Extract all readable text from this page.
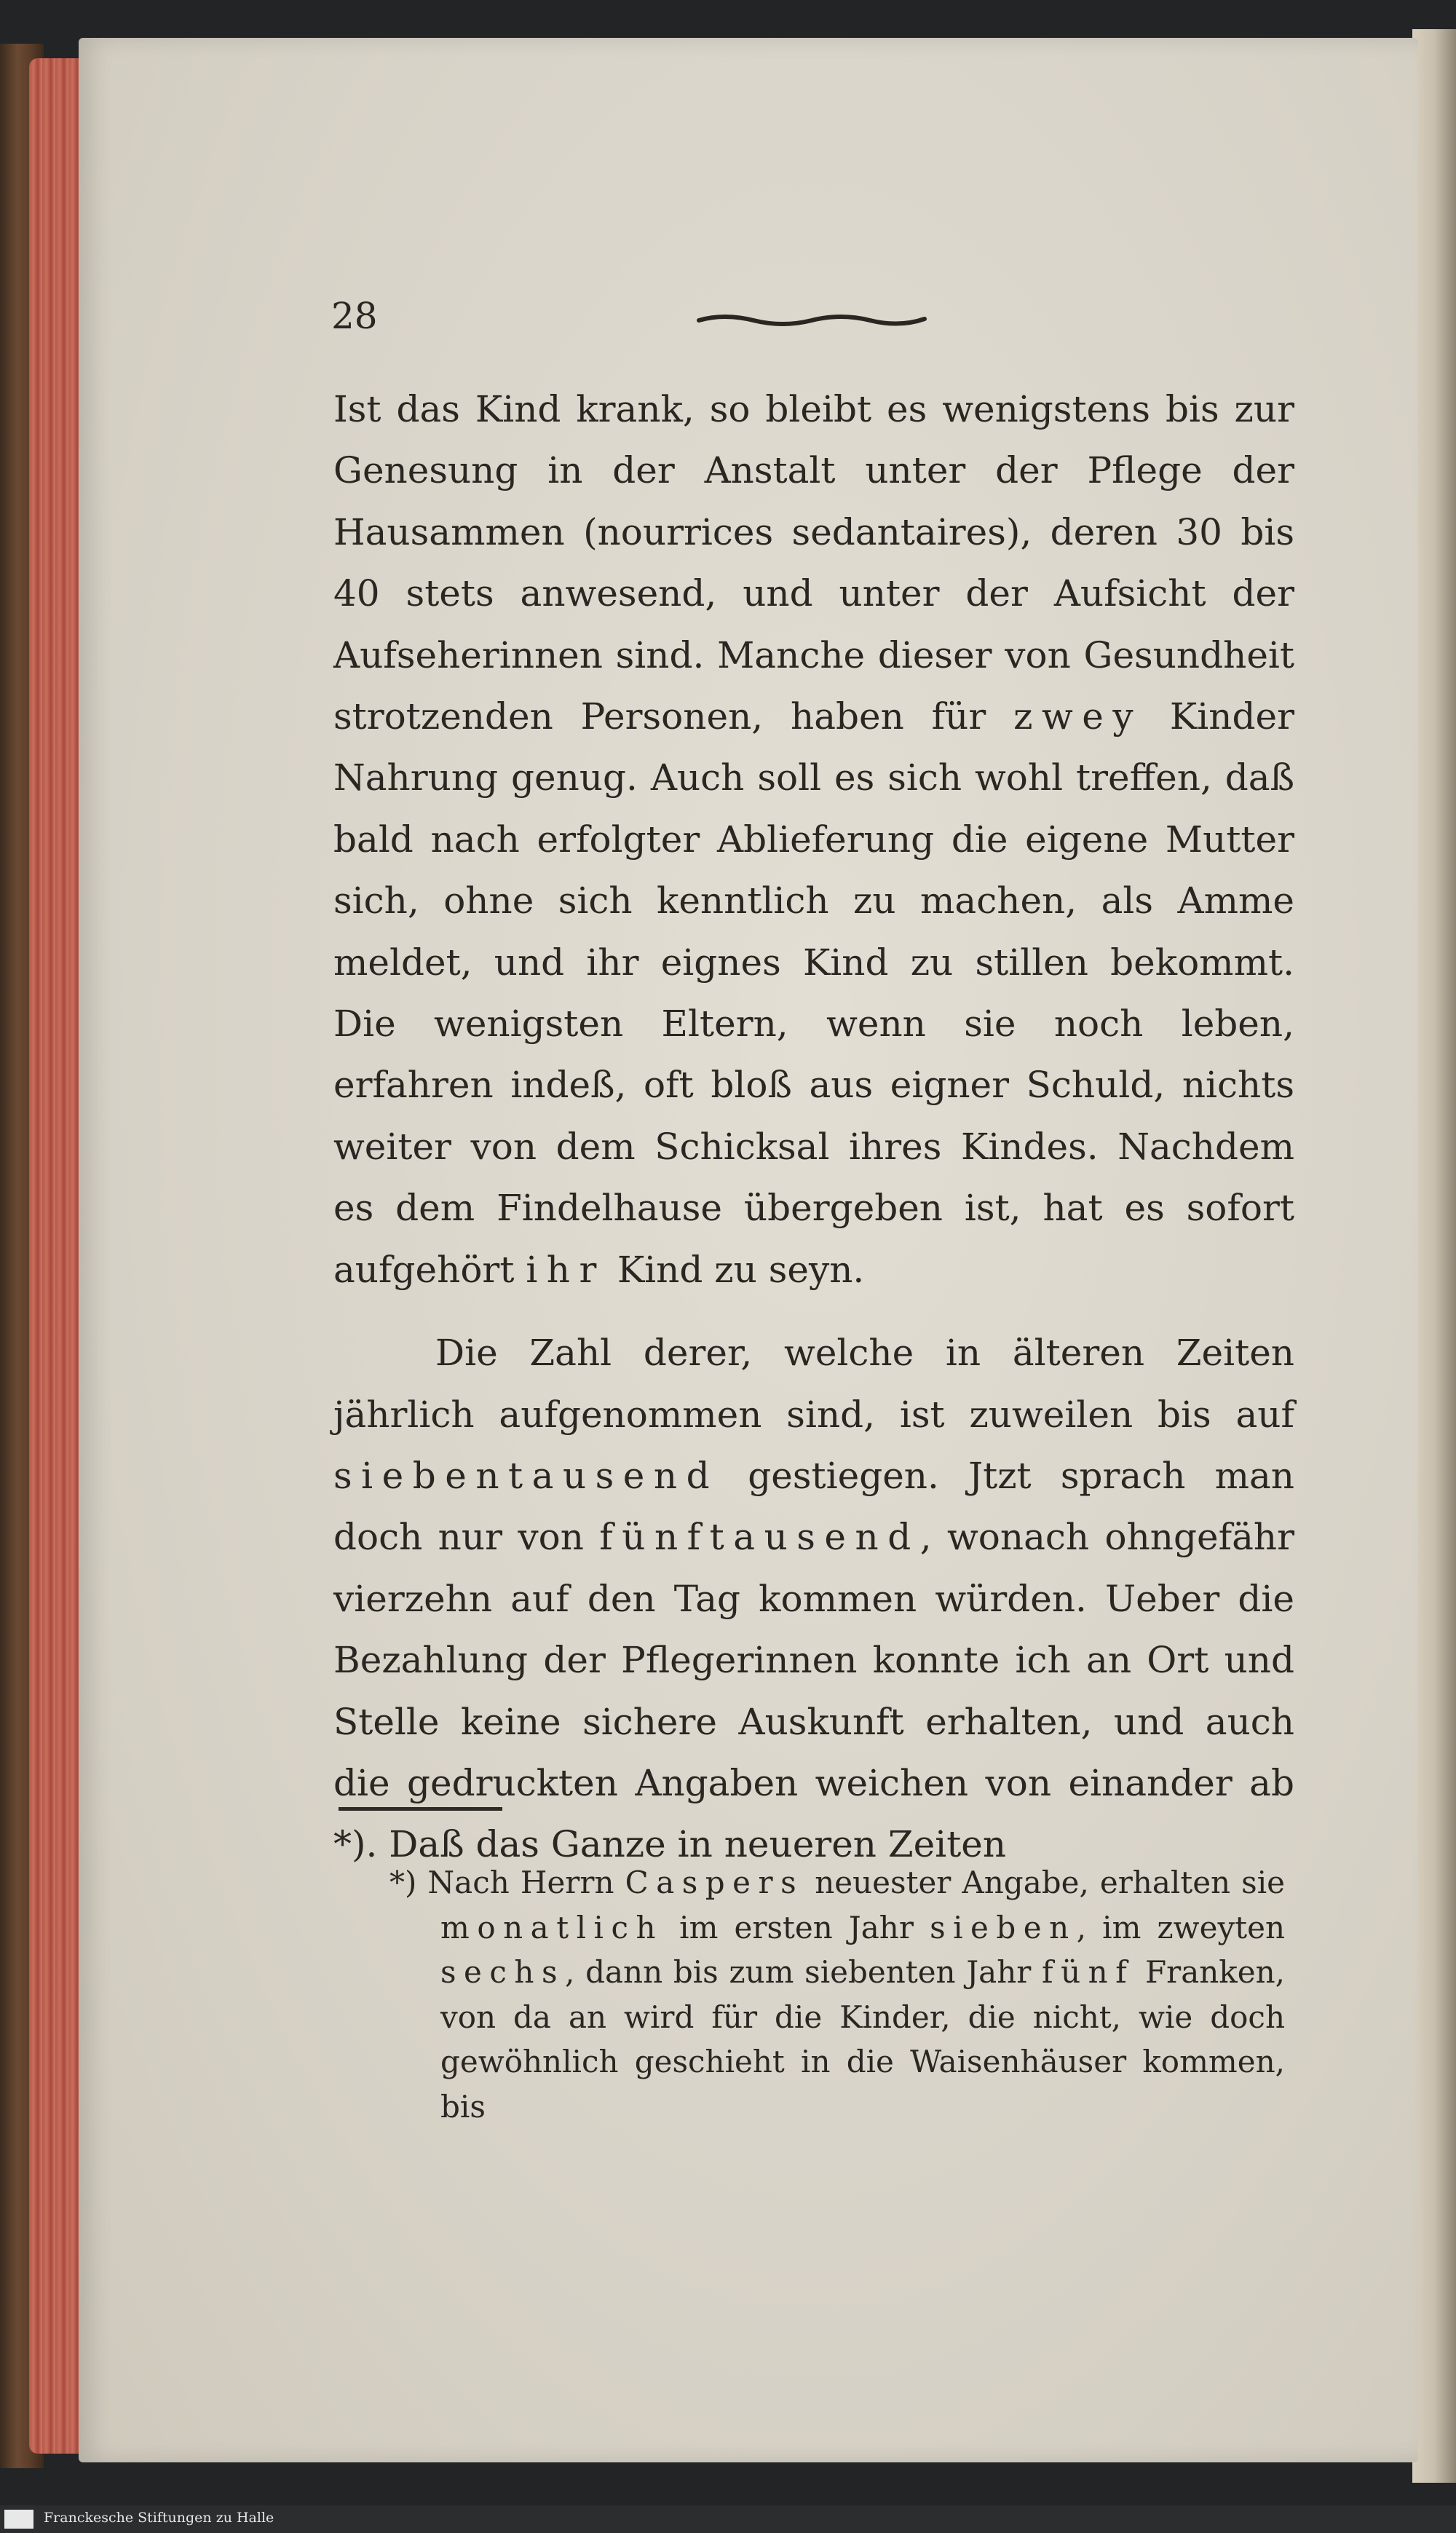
28

Ist das Kind krank, so bleibt es wenigstens bis zur Genesung in der Anstalt unter der Pflege der Hausammen (nourrices sedantaires), deren 30 bis 40 stets anwesend, und unter der Aufsicht der Aufseherinnen sind. Manche dieser von Gesundheit strotzenden Personen, haben für zwey Kinder Nahrung genug. Auch soll es sich wohl treffen, daß bald nach erfolgter Ablieferung die eigene Mutter sich, ohne sich kenntlich zu machen, als Amme meldet, und ihr eignes Kind zu stillen bekommt. Die wenigsten Eltern, wenn sie noch leben, erfahren indeß, oft bloß aus eigner Schuld, nichts weiter von dem Schicksal ihres Kindes. Nachdem es dem Findelhause übergeben ist, hat es sofort aufgehört ihr Kind zu seyn.

Die Zahl derer, welche in älteren Zeiten jährlich aufgenommen sind, ist zuweilen bis auf siebentausend gestiegen. Jtzt sprach man doch nur von fünftausend, wonach ohngefähr vierzehn auf den Tag kommen würden. Ueber die Bezahlung der Pflegerinnen konnte ich an Ort und Stelle keine sichere Auskunft erhalten, und auch die gedruckten Angaben weichen von einander ab *). Daß das Ganze in neueren Zeiten

*) Nach Herrn Caspers neuester Angabe, erhalten sie monatlich im ersten Jahr sieben, im zweyten sechs, dann bis zum siebenten Jahr fünf Franken, von da an wird für die Kinder, die nicht, wie doch gewöhnlich geschieht in die Waisenhäuser kommen, bis

Franckesche Stiftungen zu Halle
